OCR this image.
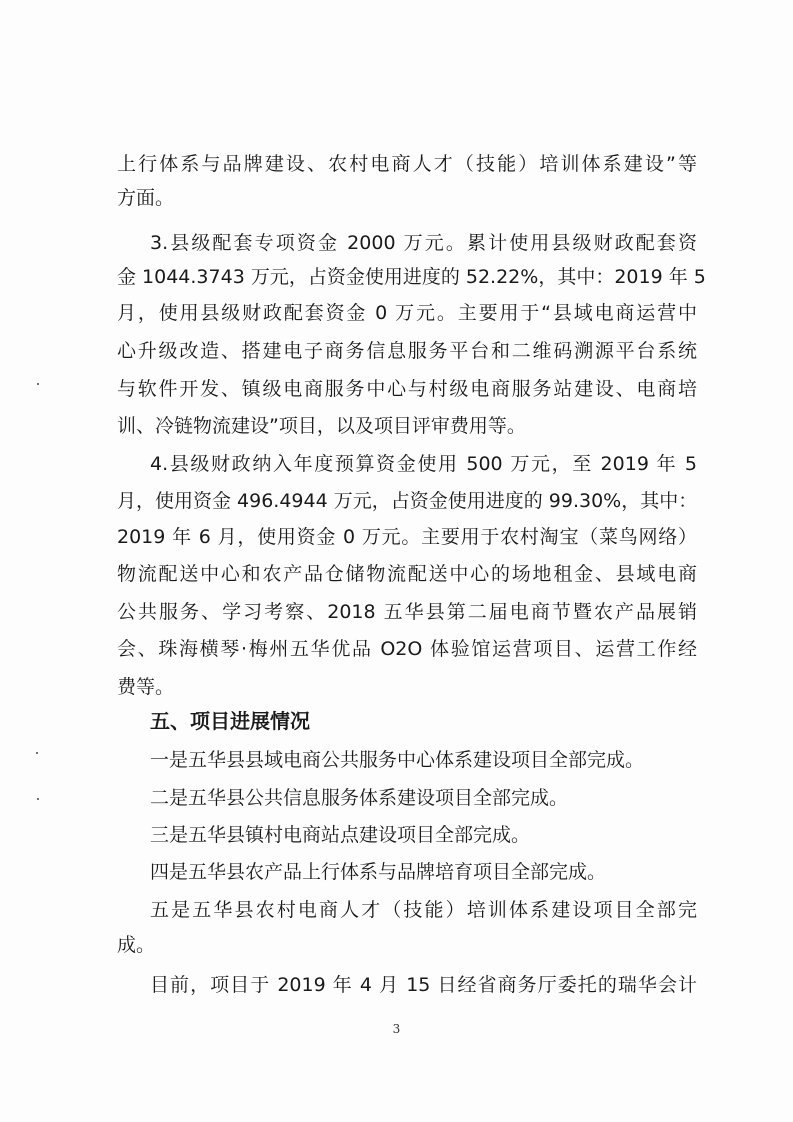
上行体系与品牌建设、农村电商人才（技能）培训体系建设”等
方面。
3.县级配套专项资金 2000 万元。累计使用县级财政配套资
金 1044.3743 万元，占资金使用进度的 52.22%，其中：2019 年 5
月，使用县级财政配套资金 0 万元。主要用于“县域电商运营中
心升级改造、搭建电子商务信息服务平台和二维码溯源平台系统
与软件开发、镇级电商服务中心与村级电商服务站建设、电商培
训、冷链物流建设”项目，以及项目评审费用等。
4.县级财政纳入年度预算资金使用 500 万元，至 2019 年 5
月，使用资金 496.4944 万元，占资金使用进度的 99.30%，其中：
2019 年 6 月，使用资金 0 万元。主要用于农村淘宝（菜鸟网络）
物流配送中心和农产品仓储物流配送中心的场地租金、县域电商
公共服务、学习考察、2018 五华县第二届电商节暨农产品展销
会、珠海横琴·梅州五华优品 O2O 体验馆运营项目、运营工作经
费等。
五、项目进展情况
一是五华县县域电商公共服务中心体系建设项目全部完成。
二是五华县公共信息服务体系建设项目全部完成。
三是五华县镇村电商站点建设项目全部完成。
四是五华县农产品上行体系与品牌培育项目全部完成。
五是五华县农村电商人才（技能）培训体系建设项目全部完
成。
目前，项目于 2019 年 4 月 15 日经省商务厅委托的瑞华会计
3
